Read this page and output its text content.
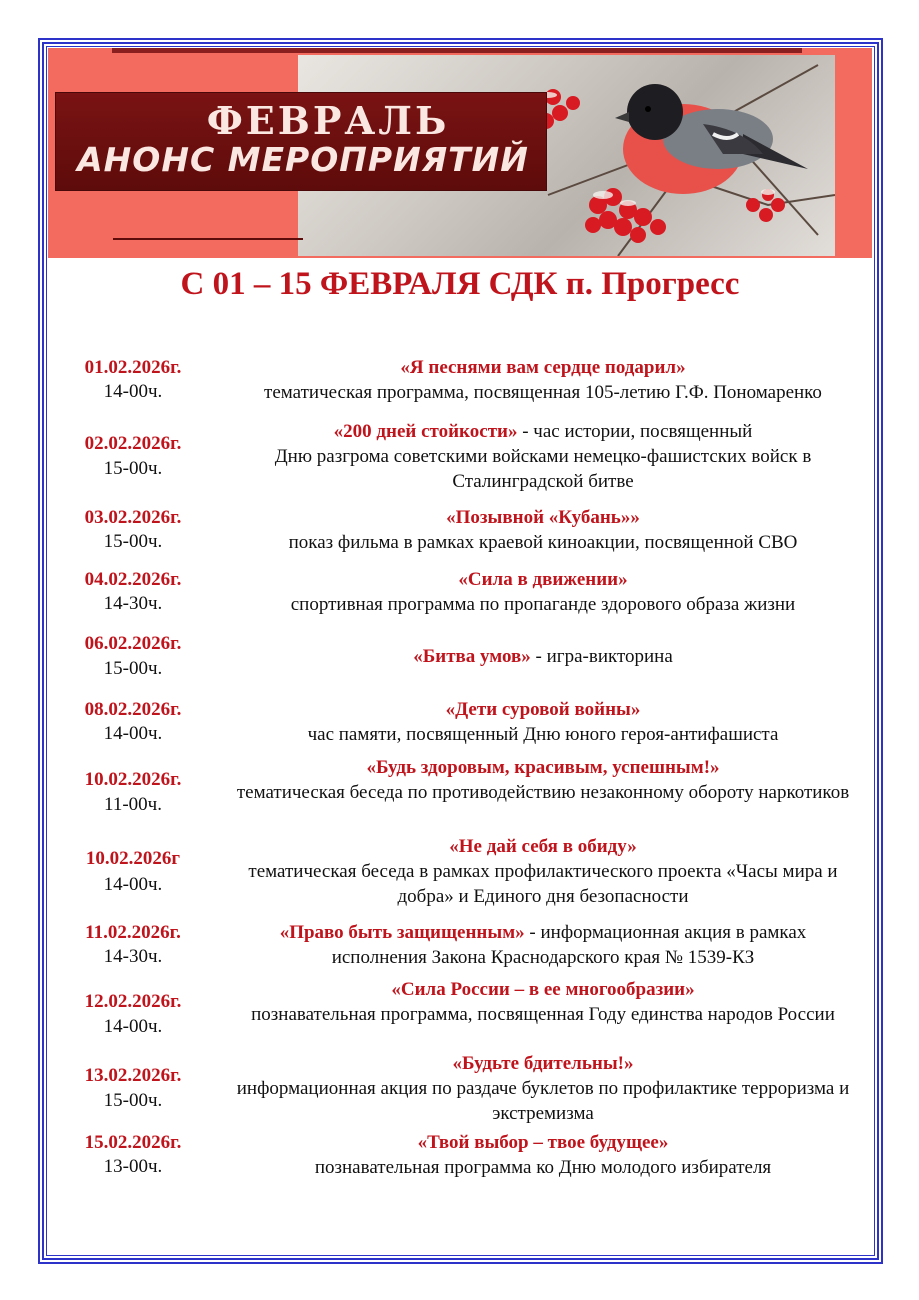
ФЕВРАЛЬ
АНОНС МЕРОПРИЯТИЙ
С 01 – 15 ФЕВРАЛЯ СДК п. Прогресс
01.02.2026г.
14-00ч.
«Я песнями вам сердце подарил»
тематическая программа, посвященная 105-летию Г.Ф. Пономаренко
02.02.2026г.
15-00ч.
«200 дней стойкости» - час истории, посвященный
Дню разгрома советскими войсками немецко-фашистских войск в Сталинградской битве
03.02.2026г.
15-00ч.
«Позывной «Кубань»»
показ фильма в рамках краевой киноакции, посвященной СВО
04.02.2026г.
14-30ч.
«Сила в движении»
спортивная программа по пропаганде здорового образа жизни
06.02.2026г.
15-00ч.
«Битва умов» - игра-викторина
08.02.2026г.
14-00ч.
«Дети суровой войны»
час памяти, посвященный Дню юного героя-антифашиста
10.02.2026г.
11-00ч.
«Будь здоровым, красивым, успешным!»
тематическая беседа по противодействию незаконному обороту наркотиков
10.02.2026г
14-00ч.
«Не дай себя в обиду»
тематическая беседа в рамках профилактического проекта «Часы мира и добра» и Единого дня безопасности
11.02.2026г.
14-30ч.
«Право быть защищенным» - информационная акция в рамках
исполнения Закона Краснодарского края № 1539-КЗ
12.02.2026г.
14-00ч.
«Сила России – в ее многообразии»
познавательная программа, посвященная Году единства народов России
13.02.2026г.
15-00ч.
«Будьте бдительны!»
информационная акция по раздаче буклетов по профилактике терроризма и экстремизма
15.02.2026г.
13-00ч.
«Твой выбор – твое будущее»
познавательная программа ко Дню молодого избирателя
